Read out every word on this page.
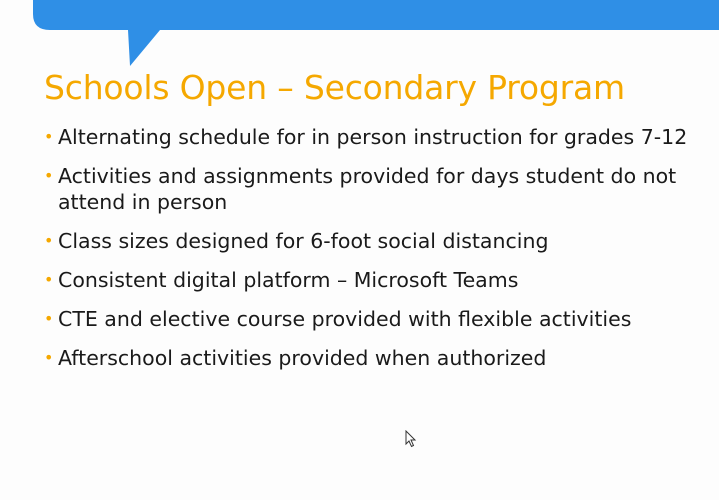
Schools Open – Secondary Program
• Alternating schedule for in person instruction for grades 7-12
• Activities and assignments provided for days student do not attend in person
• Class sizes designed for 6-foot social distancing
• Consistent digital platform – Microsoft Teams
• CTE and elective course provided with flexible activities
• Afterschool activities provided when authorized
